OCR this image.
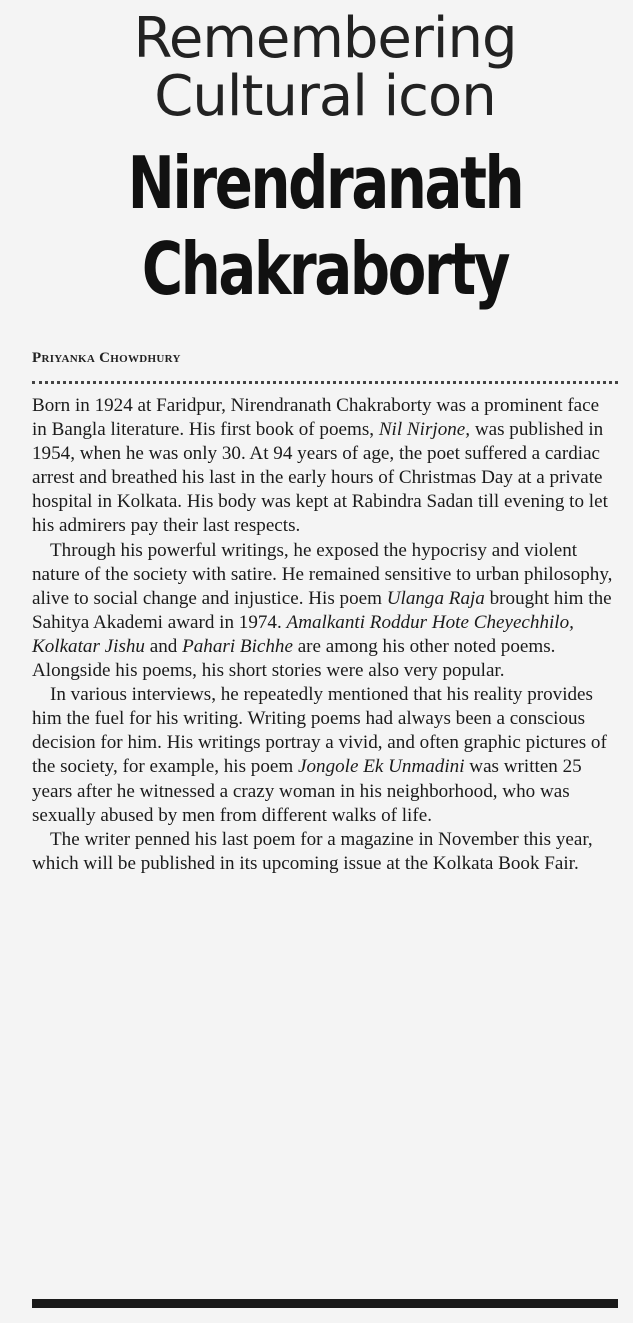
Remembering
Cultural icon
Nirendranath
Chakraborty
Priyanka Chowdhury

Born in 1924 at Faridpur, Nirendranath Chakraborty was a prominent face in Bangla literature. His first book of poems, Nil Nirjone, was published in 1954, when he was only 30. At 94 years of age, the poet suffered a cardiac arrest and breathed his last in the early hours of Christmas Day at a private hospital in Kolkata. His body was kept at Rabindra Sadan till evening to let his admirers pay their last respects.

Through his powerful writings, he exposed the hypocrisy and violent nature of the society with satire. He remained sensitive to urban philosophy, alive to social change and injustice. His poem Ulanga Raja brought him the Sahitya Akademi award in 1974. Amalkanti Roddur Hote Cheyechhilo, Kolkatar Jishu and Pahari Bichhe are among his other noted poems. Alongside his poems, his short stories were also very popular.

In various interviews, he repeatedly mentioned that his reality provides him the fuel for his writing. Writing poems had always been a conscious decision for him. His writings portray a vivid, and often graphic pictures of the society, for example, his poem Jongole Ek Unmadini was written 25 years after he witnessed a crazy woman in his neighborhood, who was sexually abused by men from different walks of life.

The writer penned his last poem for a magazine in November this year, which will be published in its upcoming issue at the Kolkata Book Fair.
